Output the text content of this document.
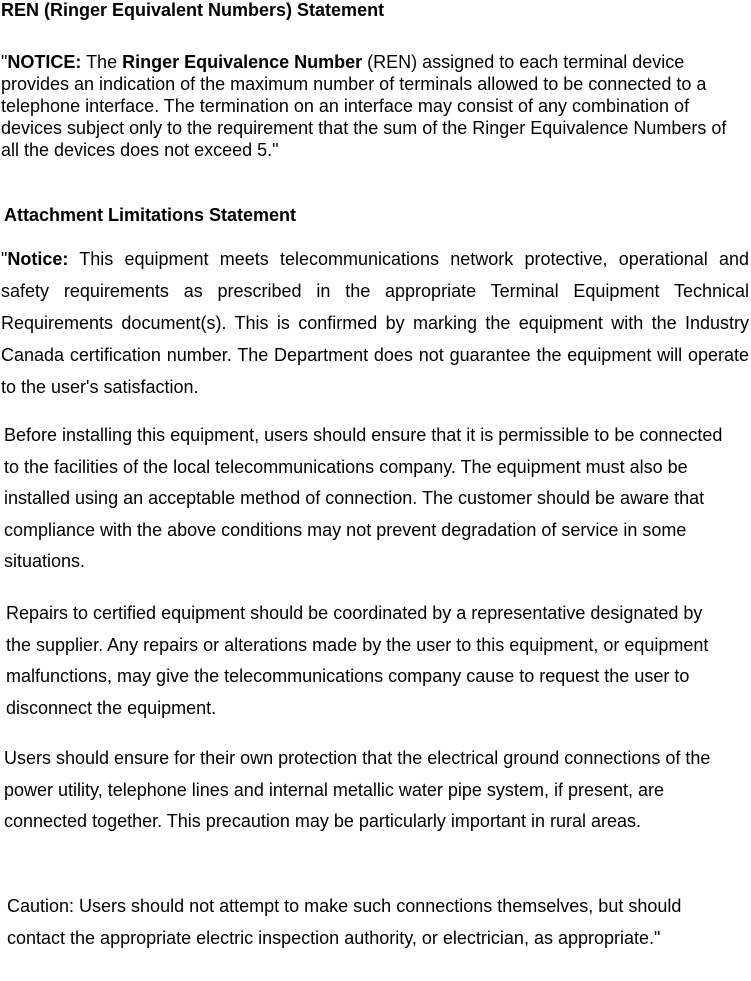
REN (Ringer Equivalent Numbers) Statement

"NOTICE: The Ringer Equivalence Number (REN) assigned to each terminal device provides an indication of the maximum number of terminals allowed to be connected to a telephone interface. The termination on an interface may consist of any combination of devices subject only to the requirement that the sum of the Ringer Equivalence Numbers of all the devices does not exceed 5."

Attachment Limitations Statement

"Notice: This equipment meets telecommunications network protective, operational and safety requirements as prescribed in the appropriate Terminal Equipment Technical Requirements document(s). This is confirmed by marking the equipment with the Industry Canada certification number. The Department does not guarantee the equipment will operate to the user's satisfaction.

Before installing this equipment, users should ensure that it is permissible to be connected to the facilities of the local telecommunications company. The equipment must also be installed using an acceptable method of connection. The customer should be aware that compliance with the above conditions may not prevent degradation of service in some situations.

Repairs to certified equipment should be coordinated by a representative designated by the supplier. Any repairs or alterations made by the user to this equipment, or equipment malfunctions, may give the telecommunications company cause to request the user to disconnect the equipment.

Users should ensure for their own protection that the electrical ground connections of the power utility, telephone lines and internal metallic water pipe system, if present, are connected together. This precaution may be particularly important in rural areas.

Caution: Users should not attempt to make such connections themselves, but should contact the appropriate electric inspection authority, or electrician, as appropriate."
